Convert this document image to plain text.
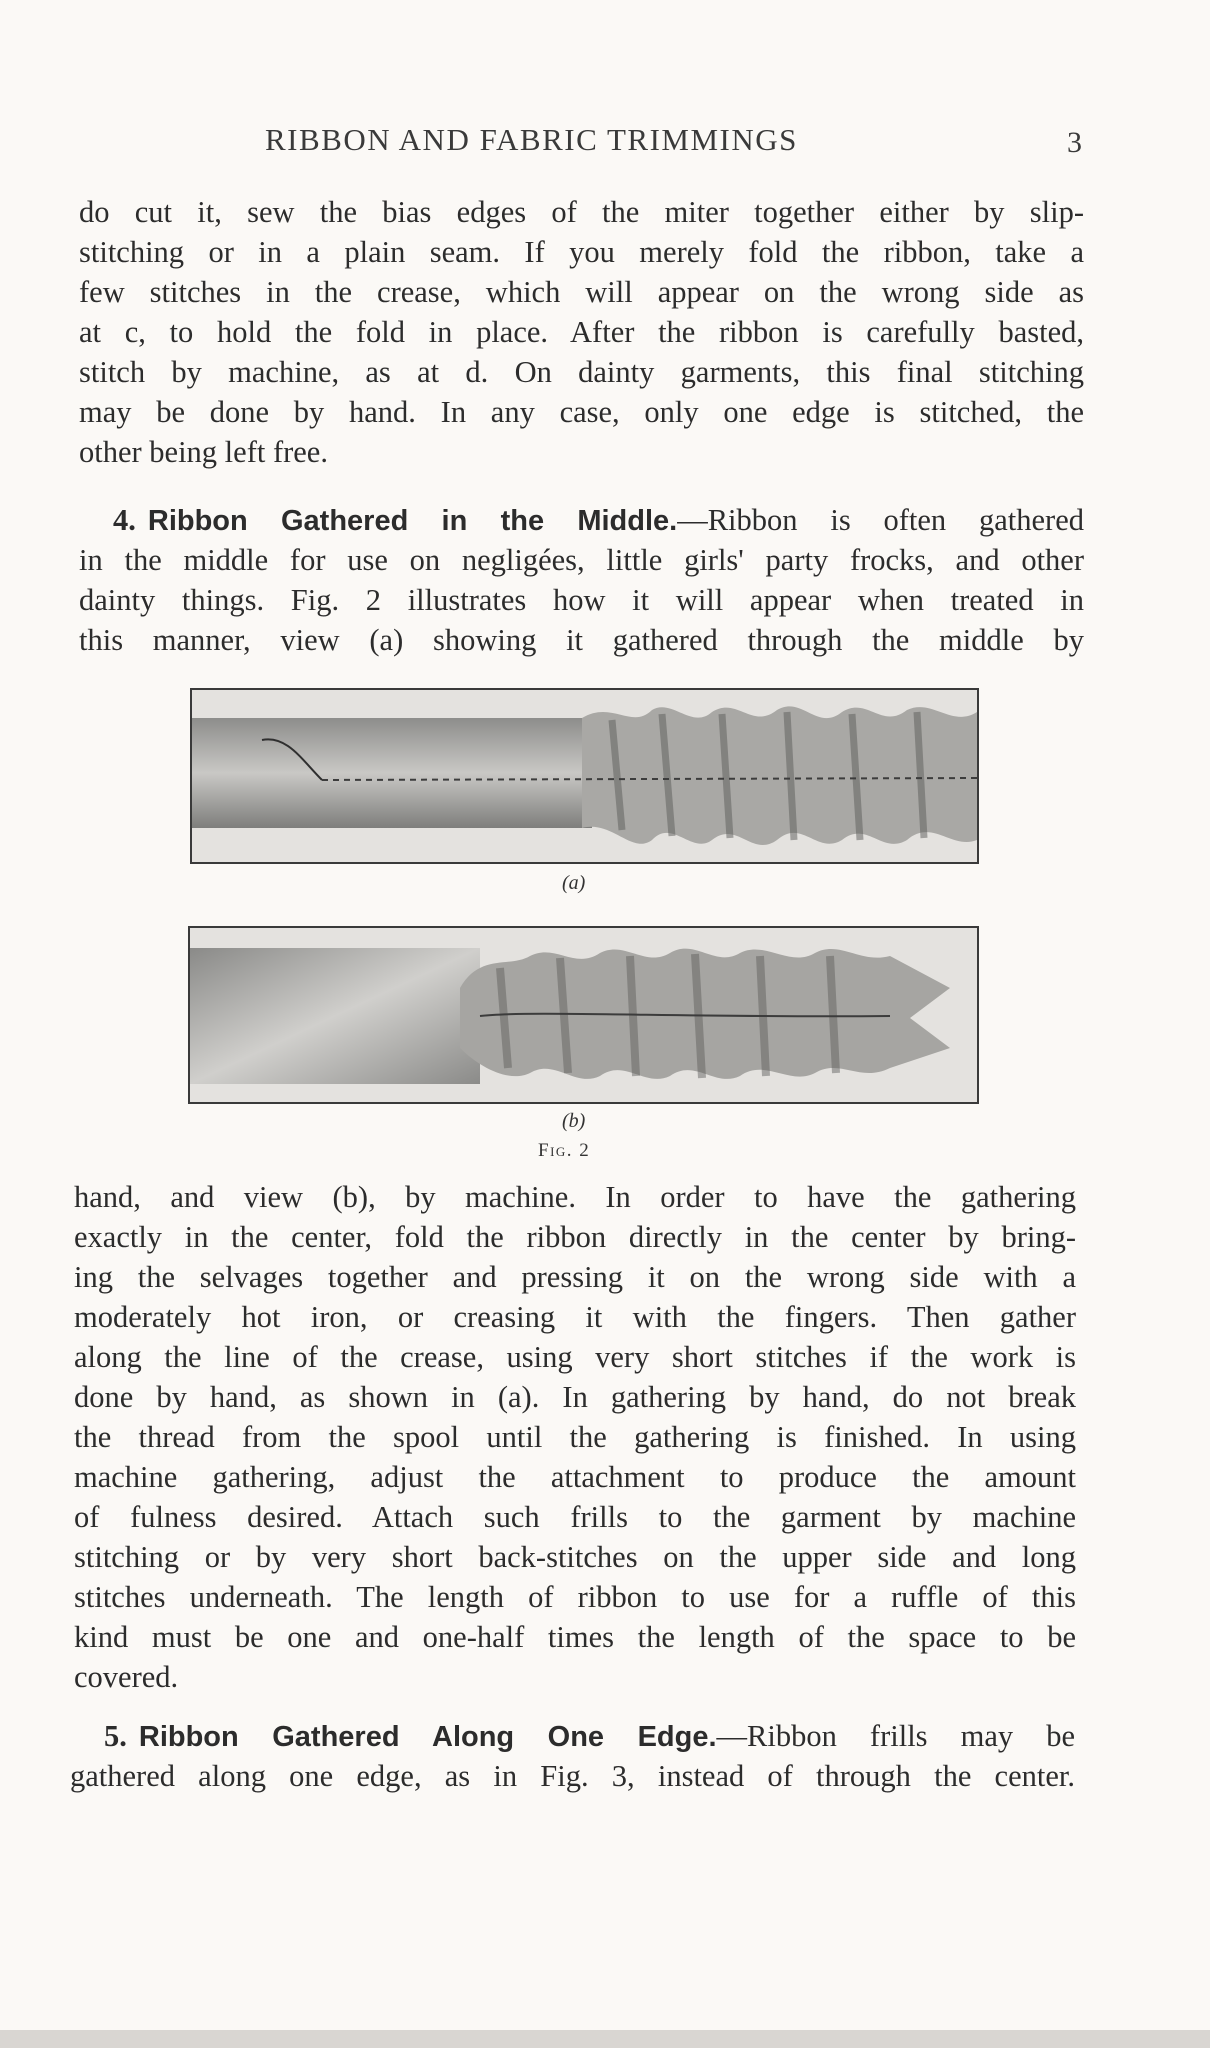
RIBBON AND FABRIC TRIMMINGS	3
do cut it, sew the bias edges of the miter together either by slip-
stitching or in a plain seam. If you merely fold the ribbon, take a
few stitches in the crease, which will appear on the wrong side as
at c, to hold the fold in place. After the ribbon is carefully basted,
stitch by machine, as at d. On dainty garments, this final stitching
may be done by hand. In any case, only one edge is stitched, the
other being left free.
4. Ribbon Gathered in the Middle.—Ribbon is often gathered
in the middle for use on negligées, little girls' party frocks, and other
dainty things. Fig. 2 illustrates how it will appear when treated in
this manner, view (a) showing it gathered through the middle by
(a)
(b)
Fig. 2
hand, and view (b), by machine. In order to have the gathering
exactly in the center, fold the ribbon directly in the center by bring-
ing the selvages together and pressing it on the wrong side with a
moderately hot iron, or creasing it with the fingers. Then gather
along the line of the crease, using very short stitches if the work is
done by hand, as shown in (a). In gathering by hand, do not break
the thread from the spool until the gathering is finished. In using
machine gathering, adjust the attachment to produce the amount
of fulness desired. Attach such frills to the garment by machine
stitching or by very short back-stitches on the upper side and long
stitches underneath. The length of ribbon to use for a ruffle of this
kind must be one and one-half times the length of the space to be
covered.
5. Ribbon Gathered Along One Edge.—Ribbon frills may be
gathered along one edge, as in Fig. 3, instead of through the center.
